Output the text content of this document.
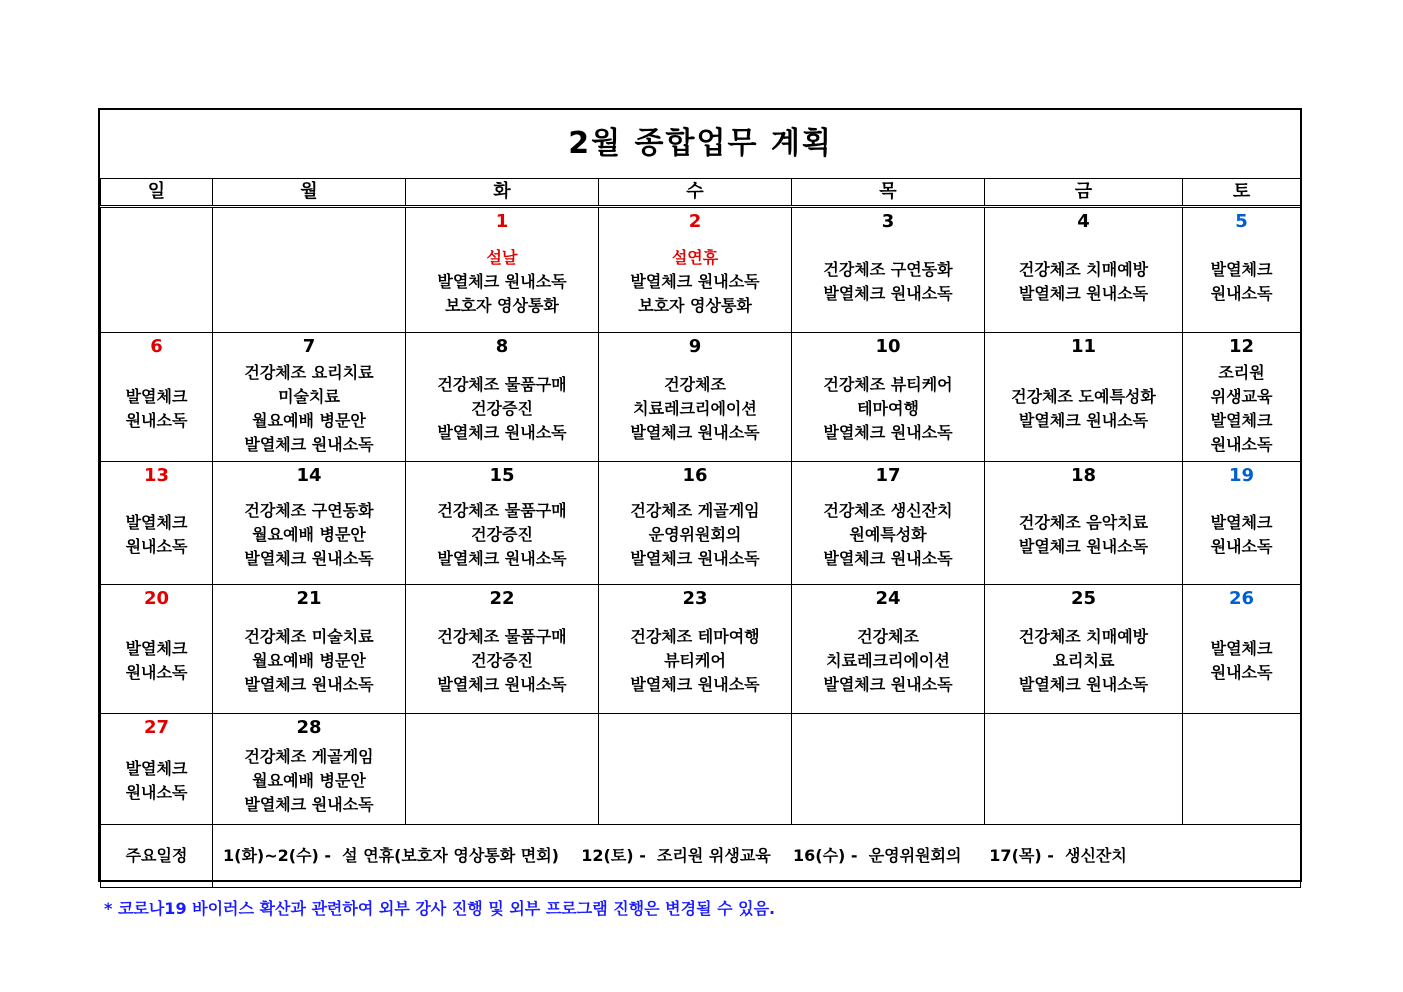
2월 종합업무 계획						
일	월	화	수	목	금	토

		1
설날
발열체크 원내소독
보호자 영상통화	2
설연휴
발열체크 원내소독
보호자 영상통화	3
건강체조 구연동화
발열체크 원내소독	4
건강체조 치매예방
발열체크 원내소독	5
발열체크
원내소독

6
발열체크
원내소독	7
건강체조 요리치료
미술치료
월요예배 병문안
발열체크 원내소독	8
건강체조 물품구매
건강증진
발열체크 원내소독	9
건강체조
치료레크리에이션
발열체크 원내소독	10
건강체조 뷰티케어
테마여행
발열체크 원내소독	11
건강체조 도예특성화
발열체크 원내소독	12
조리원
위생교육
발열체크
원내소독

13
발열체크
원내소독	14
건강체조 구연동화
월요예배 병문안
발열체크 원내소독	15
건강체조 물품구매
건강증진
발열체크 원내소독	16
건강체조 게골게임
운영위원회의
발열체크 원내소독	17
건강체조 생신잔치
원예특성화
발열체크 원내소독	18
건강체조 음악치료
발열체크 원내소독	19
발열체크
원내소독

20
발열체크
원내소독	21
건강체조 미술치료
월요예배 병문안
발열체크 원내소독	22
건강체조 물품구매
건강증진
발열체크 원내소독	23
건강체조 테마여행
뷰티케어
발열체크 원내소독	24
건강체조
치료레크리에이션
발열체크 원내소독	25
건강체조 치매예방
요리치료
발열체크 원내소독	26
발열체크
원내소독

27
발열체크
원내소독	28
건강체조 게골게임
월요예배 병문안
발열체크 원내소독					

주요일정	1(화)~2(수) -  설 연휴(보호자 영상통화 면회)    12(토) -  조리원 위생교육    16(수) -  운영위원회의     17(목) -  생신잔치					
* 코로나19 바이러스 확산과 관련하여 외부 강사 진행 및 외부 프로그램 진행은 변경될 수 있음.
